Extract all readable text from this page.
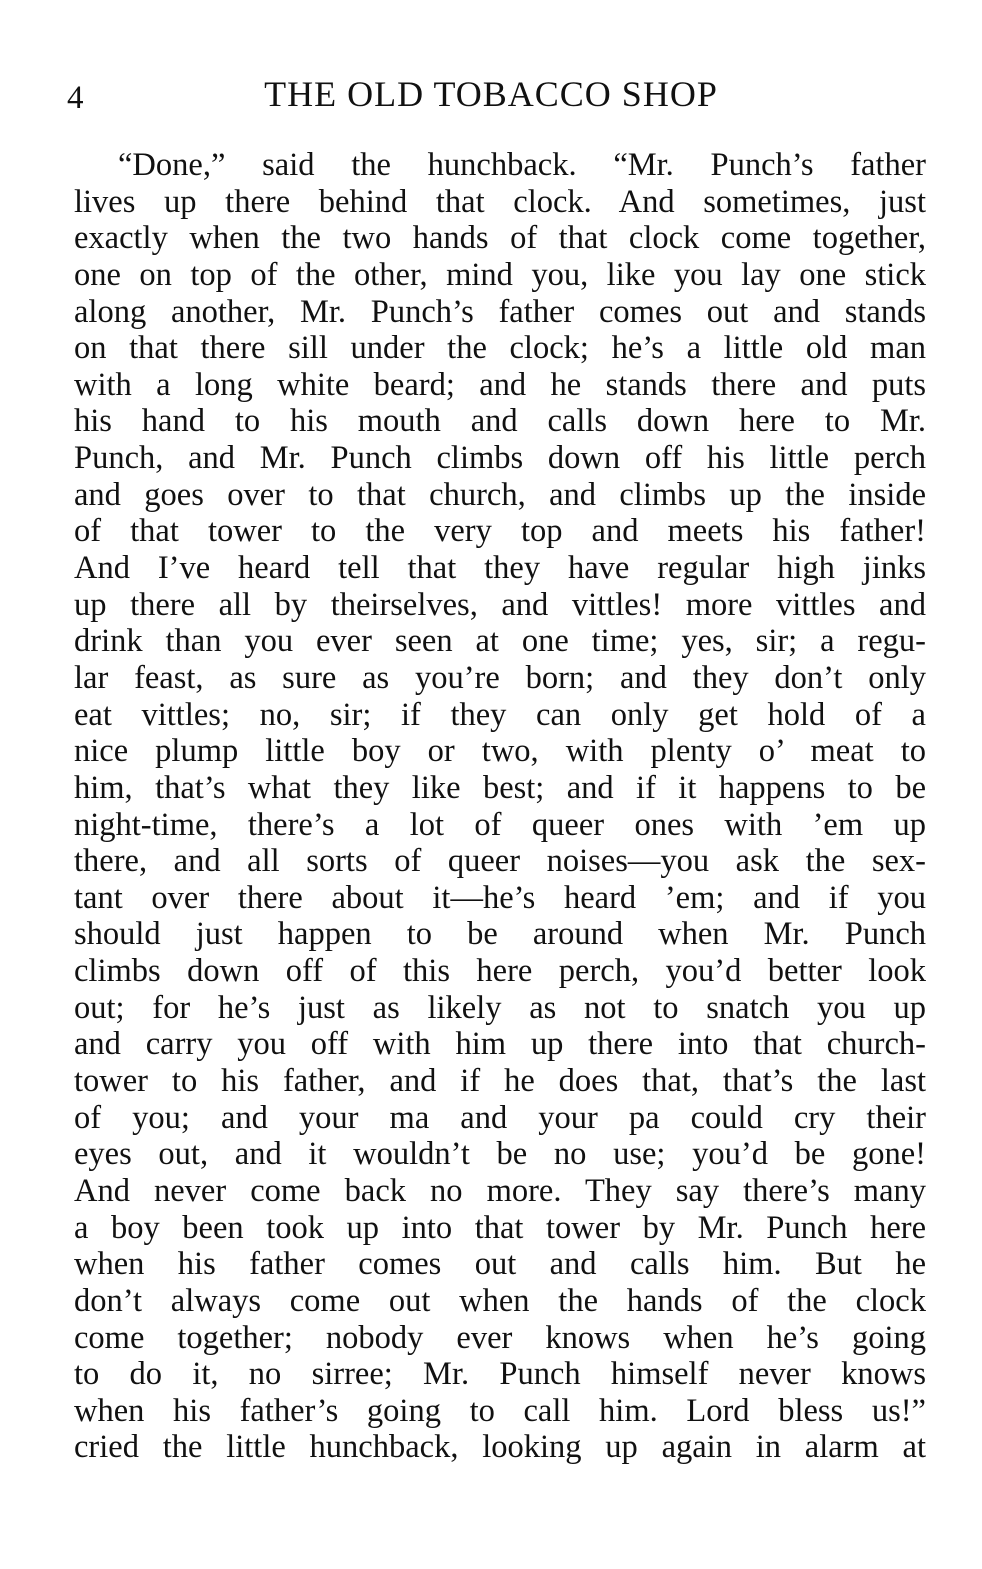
4	THE OLD TOBACCO SHOP
“Done,” said the hunchback. “Mr. Punch’s father
lives up there behind that clock. And sometimes, just
exactly when the two hands of that clock come together,
one on top of the other, mind you, like you lay one stick
along another, Mr. Punch’s father comes out and stands
on that there sill under the clock; he’s a little old man
with a long white beard; and he stands there and puts
his hand to his mouth and calls down here to Mr.
Punch, and Mr. Punch climbs down off his little perch
and goes over to that church, and climbs up the inside
of that tower to the very top and meets his father!
And I’ve heard tell that they have regular high jinks
up there all by theirselves, and vittles! more vittles and
drink than you ever seen at one time; yes, sir; a regu-
lar feast, as sure as you’re born; and they don’t only
eat vittles; no, sir; if they can only get hold of a
nice plump little boy or two, with plenty o’ meat to
him, that’s what they like best; and if it happens to be
night-time, there’s a lot of queer ones with ’em up
there, and all sorts of queer noises—you ask the sex-
tant over there about it—he’s heard ’em; and if you
should just happen to be around when Mr. Punch
climbs down off of this here perch, you’d better look
out; for he’s just as likely as not to snatch you up
and carry you off with him up there into that church-
tower to his father, and if he does that, that’s the last
of you; and your ma and your pa could cry their
eyes out, and it wouldn’t be no use; you’d be gone!
And never come back no more. They say there’s many
a boy been took up into that tower by Mr. Punch here
when his father comes out and calls him. But he
don’t always come out when the hands of the clock
come together; nobody ever knows when he’s going
to do it, no sirree; Mr. Punch himself never knows
when his father’s going to call him. Lord bless us!”
cried the little hunchback, looking up again in alarm at
